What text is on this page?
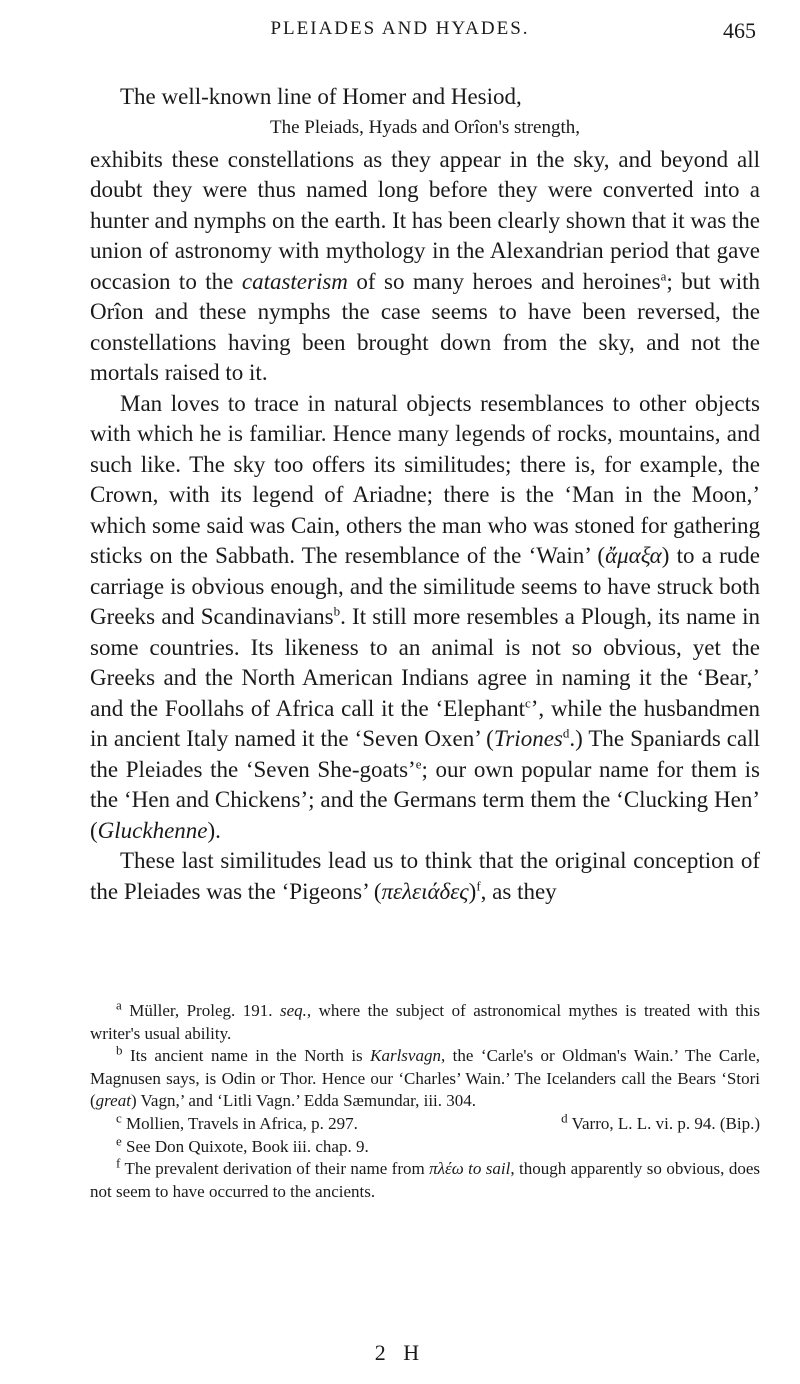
PLEIADES AND HYADES.	465

The well-known line of Homer and Hesiod,

The Pleiads, Hyads and Orîon's strength,

exhibits these constellations as they appear in the sky, and beyond all doubt they were thus named long before they were converted into a hunter and nymphs on the earth. It has been clearly shown that it was the union of astronomy with mythology in the Alexandrian period that gave occasion to the catasterism of so many heroes and heroines$^a$; but with Orîon and these nymphs the case seems to have been reversed, the constellations having been brought down from the sky, and not the mortals raised to it.

Man loves to trace in natural objects resemblances to other objects with which he is familiar. Hence many legends of rocks, mountains, and such like. The sky too offers its similitudes; there is, for example, the Crown, with its legend of Ariadne; there is the ‘Man in the Moon,’ which some said was Cain, others the man who was stoned for gathering sticks on the Sabbath. The resemblance of the ‘Wain’ (ἄμαξα) to a rude carriage is obvious enough, and the similitude seems to have struck both Greeks and Scandinavians$^b$. It still more resembles a Plough, its name in some countries. Its likeness to an animal is not so obvious, yet the Greeks and the North American Indians agree in naming it the ‘Bear,’ and the Foollahs of Africa call it the ‘Elephant$^c$’, while the husbandmen in ancient Italy named it the ‘Seven Oxen’ (Triones$^d$.) The Spaniards call the Pleiades the ‘Seven She-goats’$^e$; our own popular name for them is the ‘Hen and Chickens’; and the Germans term them the ‘Clucking Hen’ (Gluckhenne).

These last similitudes lead us to think that the original conception of the Pleiades was the ‘Pigeons’ $(\pi\varepsilon\lambda\varepsilon\iota ά\delta\varepsilon\varsigma)^f$, as they

$^a$ Müller, Proleg. 191. seq., where the subject of astronomical mythes is treated with this writer's usual ability.

$^b$ Its ancient name in the North is Karlsvagn, the ‘Carle's or Oldman's Wain.’ The Carle, Magnusen says, is Odin or Thor. Hence our ‘Charles’ Wain.’ The Icelanders call the Bears ‘Stori (great) Vagn,’ and ‘Litli Vagn.’ Edda Sæmundar, iii. 304.

$^c$ Mollien, Travels in Africa, p. 297.	$^d$ Varro, L. L. vi. p. 94. (Bip.)

$^e$ See Don Quixote, Book iii. chap. 9.

$^f$ The prevalent derivation of their name from πλέω to sail, though apparently so obvious, does not seem to have occurred to the ancients.

2 H
